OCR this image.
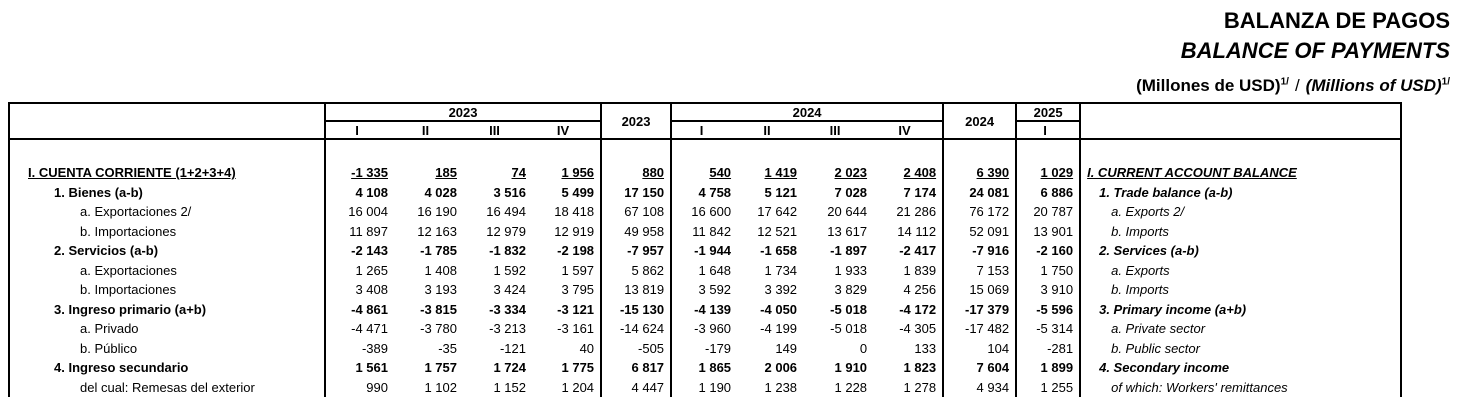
BALANZA DE PAGOS
BALANCE OF PAYMENTS
(Millones de USD)$^{1/}$ / (Millions of USD)$^{1/}$
	2023				2023	2024				2024	2025	
	I	II	III	IV		I	II	III	IV		I	

I. CUENTA CORRIENTE (1+2+3+4)	-1 335	185	74	1 956	880	540	1 419	2 023	2 408	6 390	1 029	I. CURRENT ACCOUNT BALANCE
1. Bienes (a-b)	4 108	4 028	3 516	5 499	17 150	4 758	5 121	7 028	7 174	24 081	6 886	1. Trade balance (a-b)
a. Exportaciones 2/	16 004	16 190	16 494	18 418	67 108	16 600	17 642	20 644	21 286	76 172	20 787	a. Exports 2/
b. Importaciones	11 897	12 163	12 979	12 919	49 958	11 842	12 521	13 617	14 112	52 091	13 901	b. Imports
2. Servicios (a-b)	-2 143	-1 785	-1 832	-2 198	-7 957	-1 944	-1 658	-1 897	-2 417	-7 916	-2 160	2. Services (a-b)
a. Exportaciones	1 265	1 408	1 592	1 597	5 862	1 648	1 734	1 933	1 839	7 153	1 750	a. Exports
b. Importaciones	3 408	3 193	3 424	3 795	13 819	3 592	3 392	3 829	4 256	15 069	3 910	b. Imports
3. Ingreso primario (a+b)	-4 861	-3 815	-3 334	-3 121	-15 130	-4 139	-4 050	-5 018	-4 172	-17 379	-5 596	3. Primary income (a+b)
a. Privado	-4 471	-3 780	-3 213	-3 161	-14 624	-3 960	-4 199	-5 018	-4 305	-17 482	-5 314	a. Private sector
b. Público	-389	-35	-121	40	-505	-179	149	0	133	104	-281	b. Public sector
4. Ingreso secundario	1 561	1 757	1 724	1 775	6 817	1 865	2 006	1 910	1 823	7 604	1 899	4. Secondary income
del cual: Remesas del exterior	990	1 102	1 152	1 204	4 447	1 190	1 238	1 228	1 278	4 934	1 255	of which: Workers' remittances
